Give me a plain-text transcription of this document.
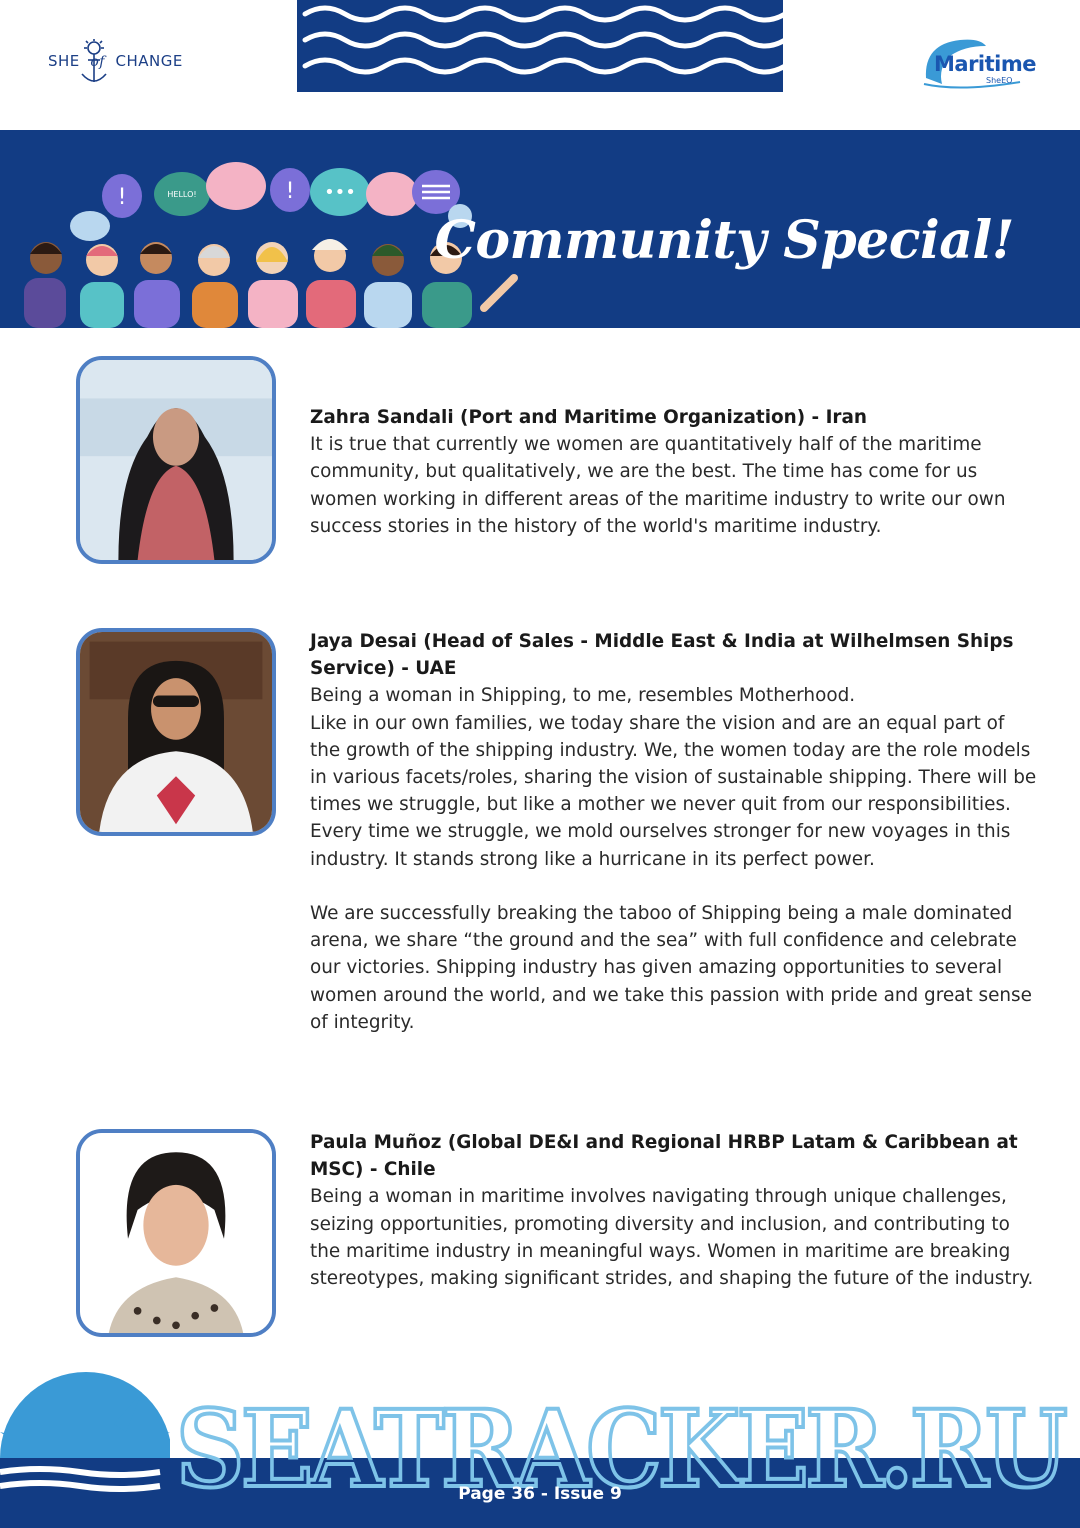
SHE of CHANGE	Maritime
SheEO
!	HELLO!	! •••
Community Special!

Zahra Sandali (Port and Maritime Organization) - Iran

It is true that currently we women are quantitatively half of the maritime community, but qualitatively, we are the best. The time has come for us women working in different areas of the maritime industry to write our own success stories in the history of the world's maritime industry.

Jaya Desai (Head of Sales - Middle East & India at Wilhelmsen Ships Service) - UAE

Being a woman in Shipping, to me, resembles Motherhood.

Like in our own families, we today share the vision and are an equal part of the growth of the shipping industry. We, the women today are the role models in various facets/roles, sharing the vision of sustainable shipping. There will be times we struggle, but like a mother we never quit from our responsibilities. Every time we struggle, we mold ourselves stronger for new voyages in this industry. It stands strong like a hurricane in its perfect power.

We are successfully breaking the taboo of Shipping being a male dominated arena, we share “the ground and the sea” with full confidence and celebrate our victories. Shipping industry has given amazing opportunities to several women around the world, and we take this passion with pride and great sense of integrity.

Paula Muñoz (Global DE&I and Regional HRBP Latam & Caribbean at MSC) - Chile

Being a woman in maritime involves navigating through unique challenges, seizing opportunities, promoting diversity and inclusion, and contributing to the maritime industry in meaningful ways. Women in maritime are breaking stereotypes, making significant strides, and shaping the future of the industry.

SEATRACKER.RU
Page 36 - Issue 9
